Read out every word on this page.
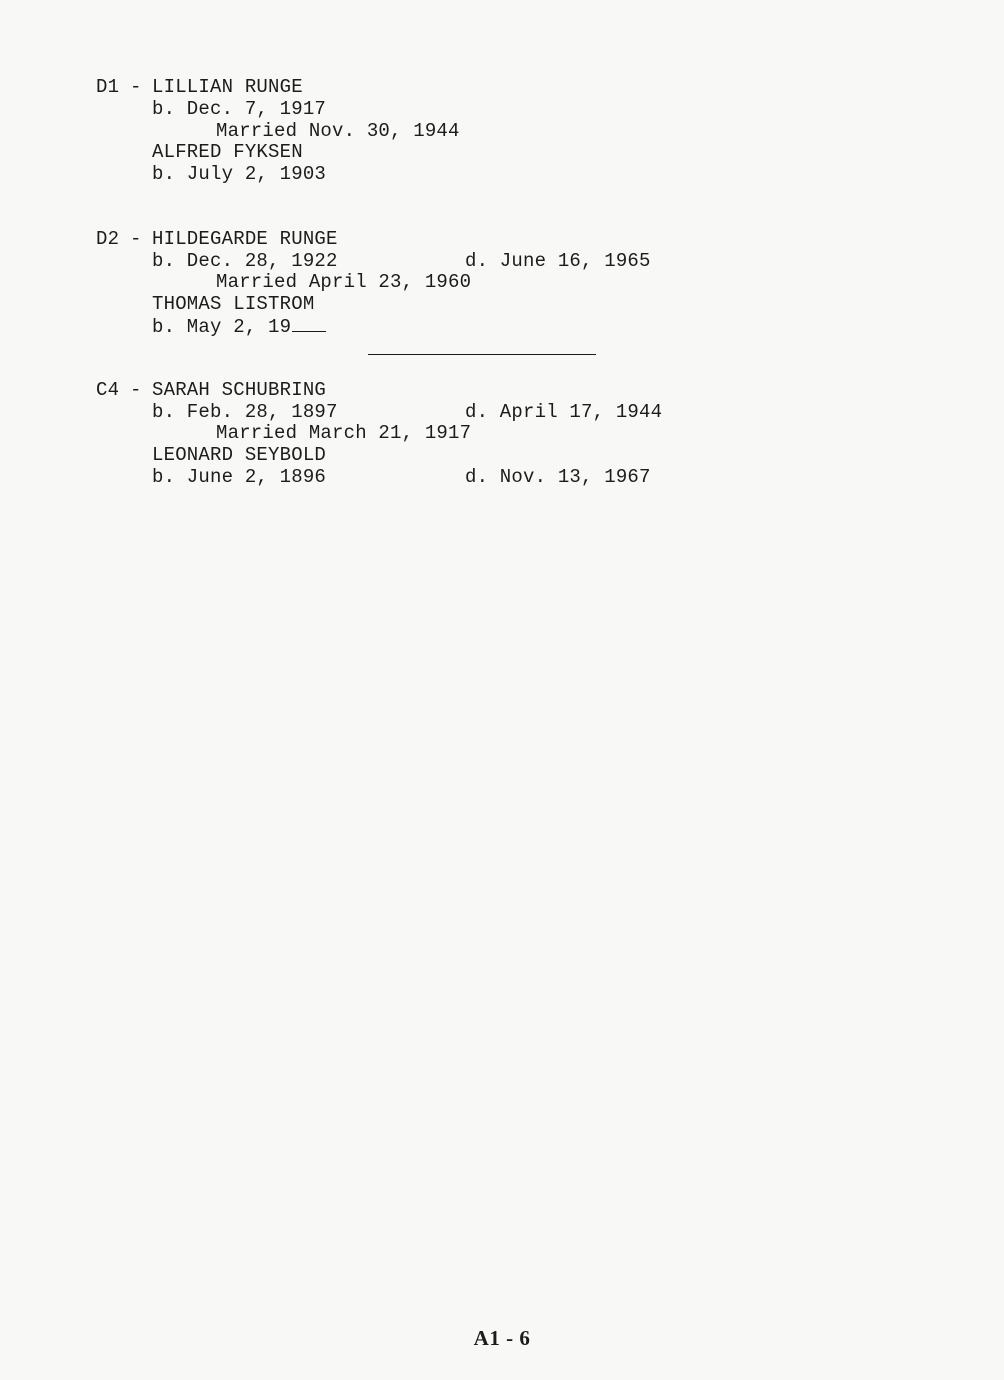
D1 - LILLIAN RUNGE
b. Dec. 7, 1917
Married Nov. 30, 1944
ALFRED FYKSEN
b. July 2, 1903
D2 - HILDEGARDE RUNGE
b. Dec. 28, 1922	d. June 16, 1965
Married April 23, 1960
THOMAS LISTROM
b. May 2, 19
C4 - SARAH SCHUBRING
b. Feb. 28, 1897	d. April 17, 1944
Married March 21, 1917
LEONARD SEYBOLD
b. June 2, 1896	d. Nov. 13, 1967
A1 - 6
